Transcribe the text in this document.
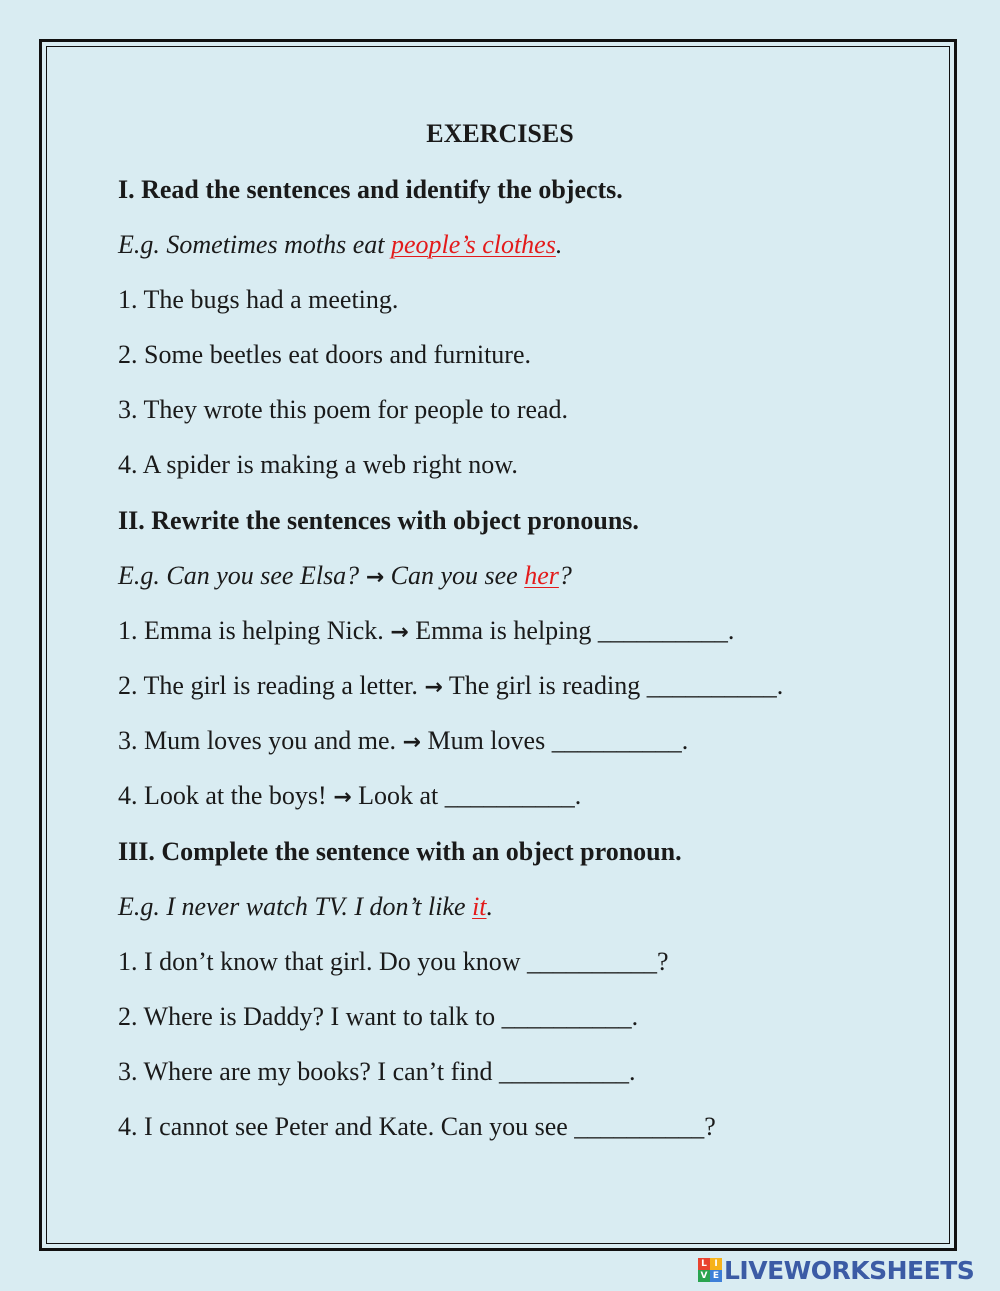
EXERCISES
I. Read the sentences and identify the objects.
E.g. Sometimes moths eat people’s clothes.
1. The bugs had a meeting.
2. Some beetles eat doors and furniture.
3. They wrote this poem for people to read.
4. A spider is making a web right now.
II. Rewrite the sentences with object pronouns.
E.g. Can you see Elsa? → Can you see her?
1. Emma is helping Nick. → Emma is helping __________.
2. The girl is reading a letter. → The girl is reading __________.
3. Mum loves you and me. → Mum loves __________.
4. Look at the boys! → Look at __________.
III. Complete the sentence with an object pronoun.
E.g. I never watch TV. I don’t like it.
1. I don’t know that girl. Do you know __________?
2. Where is Daddy? I want to talk to __________.
3. Where are my books? I can’t find __________.
4. I cannot see Peter and Kate. Can you see __________?
L I
V E LIVEWORKSHEETS
